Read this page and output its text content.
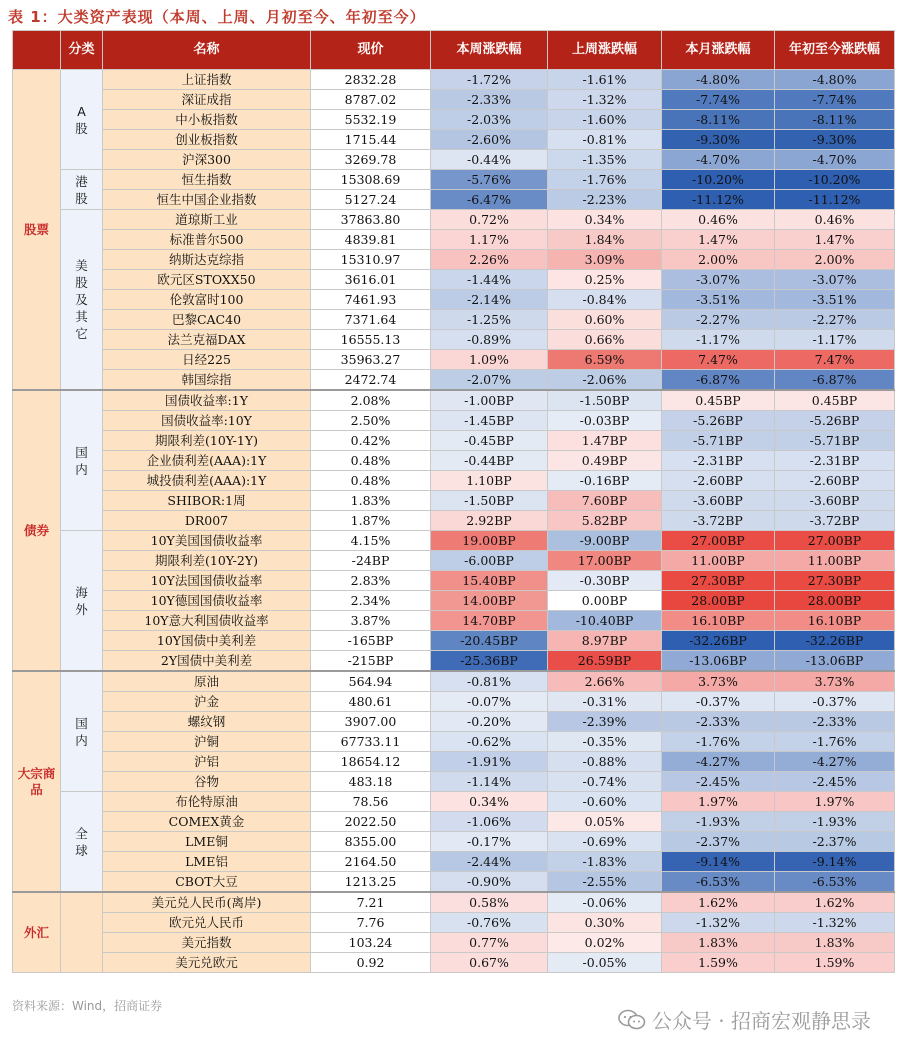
表 1：大类资产表现（本周、上周、月初至今、年初至今）
	分类	名称	现价	本周涨跌幅	上周涨跌幅	本月涨跌幅	年初至今涨跌幅
股票	A股	上证指数	2832.28	-1.72%	-1.61%	-4.80%	-4.80%
		深证成指	8787.02	-2.33%	-1.32%	-7.74%	-7.74%
		中小板指数	5532.19	-2.03%	-1.60%	-8.11%	-8.11%
		创业板指数	1715.44	-2.60%	-0.81%	-9.30%	-9.30%
		沪深300	3269.78	-0.44%	-1.35%	-4.70%	-4.70%
	港股	恒生指数	15308.69	-5.76%	-1.76%	-10.20%	-10.20%
		恒生中国企业指数	5127.24	-6.47%	-2.23%	-11.12%	-11.12%
	美股及其它	道琼斯工业	37863.80	0.72%	0.34%	0.46%	0.46%
		标准普尔500	4839.81	1.17%	1.84%	1.47%	1.47%
		纳斯达克综指	15310.97	2.26%	3.09%	2.00%	2.00%
		欧元区STOXX50	3616.01	-1.44%	0.25%	-3.07%	-3.07%
		伦敦富时100	7461.93	-2.14%	-0.84%	-3.51%	-3.51%
		巴黎CAC40	7371.64	-1.25%	0.60%	-2.27%	-2.27%
		法兰克福DAX	16555.13	-0.89%	0.66%	-1.17%	-1.17%
		日经225	35963.27	1.09%	6.59%	7.47%	7.47%
		韩国综指	2472.74	-2.07%	-2.06%	-6.87%	-6.87%
债券	国内	国债收益率:1Y	2.08%	-1.00BP	-1.50BP	0.45BP	0.45BP
		国债收益率:10Y	2.50%	-1.45BP	-0.03BP	-5.26BP	-5.26BP
		期限利差(10Y-1Y)	0.42%	-0.45BP	1.47BP	-5.71BP	-5.71BP
		企业债利差(AAA):1Y	0.48%	-0.44BP	0.49BP	-2.31BP	-2.31BP
		城投债利差(AAA):1Y	0.48%	1.10BP	-0.16BP	-2.60BP	-2.60BP
		SHIBOR:1周	1.83%	-1.50BP	7.60BP	-3.60BP	-3.60BP
		DR007	1.87%	2.92BP	5.82BP	-3.72BP	-3.72BP
	海外	10Y美国国债收益率	4.15%	19.00BP	-9.00BP	27.00BP	27.00BP
		期限利差(10Y-2Y)	-24BP	-6.00BP	17.00BP	11.00BP	11.00BP
		10Y法国国债收益率	2.83%	15.40BP	-0.30BP	27.30BP	27.30BP
		10Y德国国债收益率	2.34%	14.00BP	0.00BP	28.00BP	28.00BP
		10Y意大利国债收益率	3.87%	14.70BP	-10.40BP	16.10BP	16.10BP
		10Y国债中美利差	-165BP	-20.45BP	8.97BP	-32.26BP	-32.26BP
		2Y国债中美利差	-215BP	-25.36BP	26.59BP	-13.06BP	-13.06BP
大宗商品	国内	原油	564.94	-0.81%	2.66%	3.73%	3.73%
		沪金	480.61	-0.07%	-0.31%	-0.37%	-0.37%
		螺纹钢	3907.00	-0.20%	-2.39%	-2.33%	-2.33%
		沪铜	67733.11	-0.62%	-0.35%	-1.76%	-1.76%
		沪铝	18654.12	-1.91%	-0.88%	-4.27%	-4.27%
		谷物	483.18	-1.14%	-0.74%	-2.45%	-2.45%
	全球	布伦特原油	78.56	0.34%	-0.60%	1.97%	1.97%
		COMEX黄金	2022.50	-1.06%	0.05%	-1.93%	-1.93%
		LME铜	8355.00	-0.17%	-0.69%	-2.37%	-2.37%
		LME铝	2164.50	-2.44%	-1.83%	-9.14%	-9.14%
		CBOT大豆	1213.25	-0.90%	-2.55%	-6.53%	-6.53%
外汇		美元兑人民币(离岸)	7.21	0.58%	-0.06%	1.62%	1.62%
		欧元兑人民币	7.76	-0.76%	0.30%	-1.32%	-1.32%
		美元指数	103.24	0.77%	0.02%	1.83%	1.83%
		美元兑欧元	0.92	0.67%	-0.05%	1.59%	1.59%
资料来源：Wind，招商证券
公众号 · 招商宏观静思录
